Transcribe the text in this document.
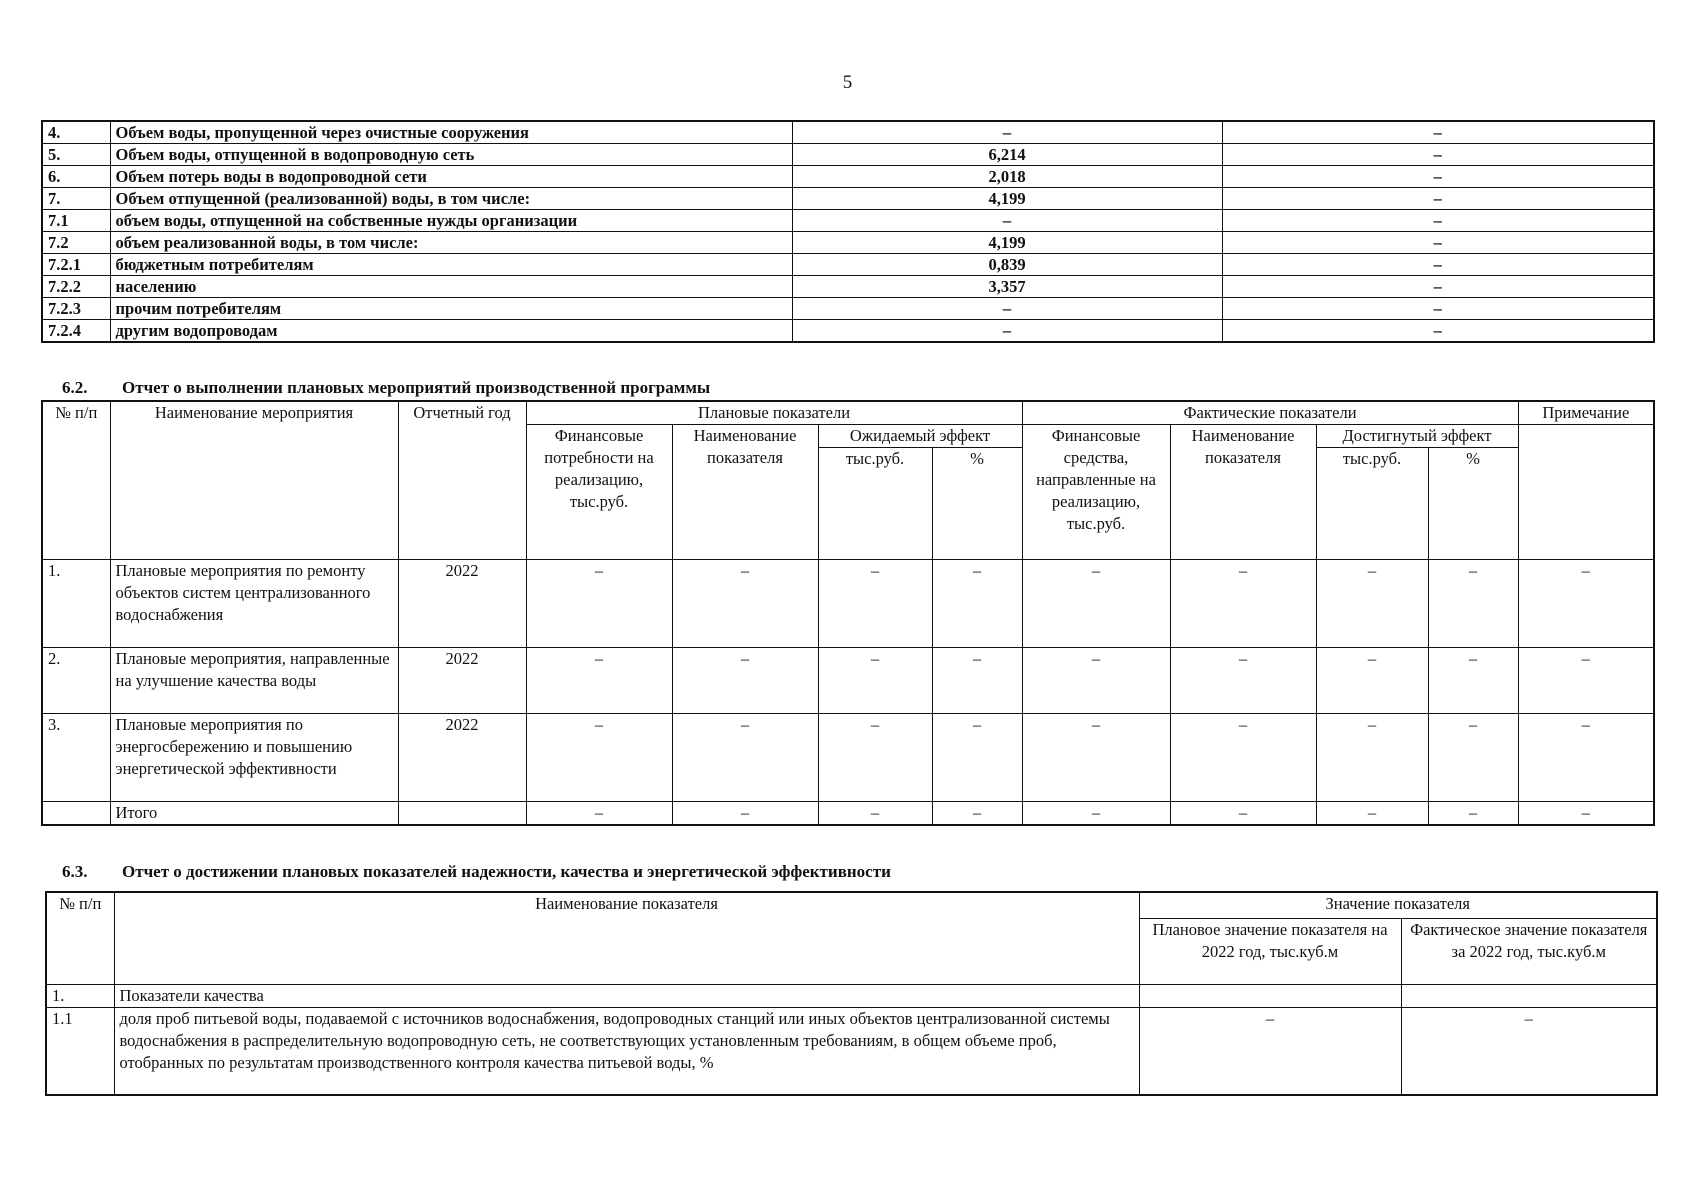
5
4.	Объем воды, пропущенной через очистные сооружения	–	–
5.	Объем воды, отпущенной в водопроводную сеть	6,214	–
6.	Объем потерь воды в водопроводной сети	2,018	–
7.	Объем отпущенной (реализованной) воды, в том числе:	4,199	–
7.1	объем воды, отпущенной на собственные нужды организации	–	–
7.2	объем реализованной воды, в том числе:	4,199	–
7.2.1	бюджетным потребителям	0,839	–
7.2.2	населению	3,357	–
7.2.3	прочим потребителям	–	–
7.2.4	другим водопроводам	–	–
6.2. Отчет о выполнении плановых мероприятий производственной программы
№ п/п	Наименование мероприятия	Отчетный год	Плановые показатели				Фактические показатели				Примечание
			Финансовые потребности на реализацию, тыс.руб.	Наименование показателя	Ожидаемый эффект		Финансовые средства, направленные на реализацию, тыс.руб.	Наименование показателя	Достигнутый эффект		
					тыс.руб.	%			тыс.руб.	%	
1.	Плановые мероприятия по ремонту объектов систем централизованного водоснабжения	2022	–	–	–	–	–	–	–	–	–
2.	Плановые мероприятия, направленные на улучшение качества воды	2022	–	–	–	–	–	–	–	–	–
3.	Плановые мероприятия по энергосбережению и повышению энергетической эффективности	2022	–	–	–	–	–	–	–	–	–
	Итого		–	–	–	–	–	–	–	–	–
6.3. Отчет о достижении плановых показателей надежности, качества и энергетической эффективности
№ п/п	Наименование показателя	Значение показателя	
		Плановое значение показателя на 2022 год, тыс.куб.м	Фактическое значение показателя за 2022 год, тыс.куб.м
1.	Показатели качества		
1.1	доля проб питьевой воды, подаваемой с источников водоснабжения, водопроводных станций или иных объектов централизованной системы водоснабжения в распределительную водопроводную сеть, не соответствующих установленным требованиям, в общем объеме проб, отобранных по результатам производственного контроля качества питьевой воды, %	–	–
